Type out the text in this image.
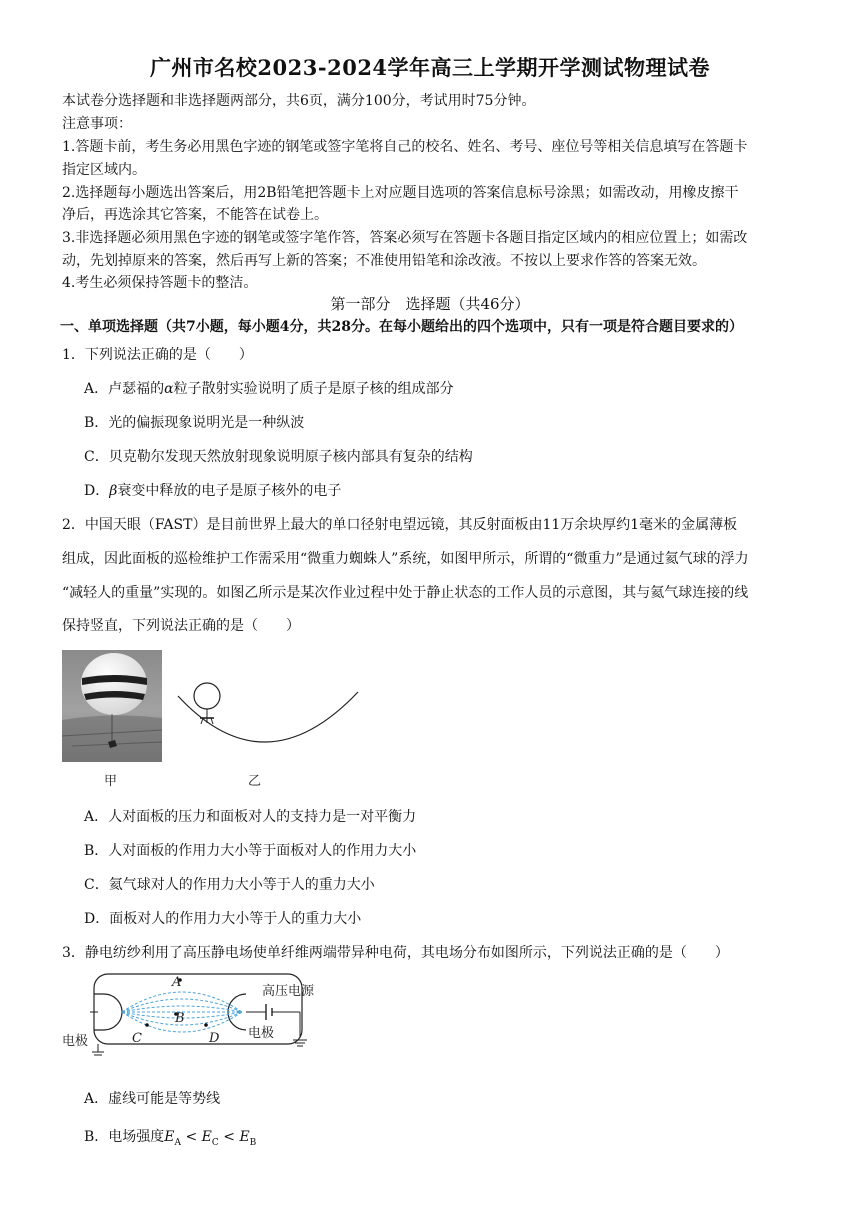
广州市名校2023-2024学年高三上学期开学测试物理试卷
本试卷分选择题和非选择题两部分，共6页，满分100分，考试用时75分钟。
注意事项：
1.答题卡前，考生务必用黑色字迹的钢笔或签字笔将自己的校名、姓名、考号、座位号等相关信息填写在答题卡
指定区域内。
2.选择题每小题选出答案后，用2B铅笔把答题卡上对应题目选项的答案信息标号涂黑；如需改动，用橡皮擦干
净后，再选涂其它答案，不能答在试卷上。
3.非选择题必须用黑色字迹的钢笔或签字笔作答，答案必须写在答题卡各题目指定区域内的相应位置上；如需改
动，先划掉原来的答案，然后再写上新的答案；不准使用铅笔和涂改液。不按以上要求作答的答案无效。
4.考生必须保持答题卡的整洁。
第一部分　选择题（共46分）
一、单项选择题（共7小题，每小题4分，共28分。在每小题给出的四个选项中，只有一项是符合题目要求的）
1．下列说法正确的是（　　）
A．卢瑟福的α粒子散射实验说明了质子是原子核的组成部分
B．光的偏振现象说明光是一种纵波
C．贝克勒尔发现天然放射现象说明原子核内部具有复杂的结构
D．β衰变中释放的电子是原子核外的电子
2．中国天眼（FAST）是目前世界上最大的单口径射电望远镜，其反射面板由11万余块厚约1毫米的金属薄板
组成，因此面板的巡检维护工作需采用“微重力蜘蛛人”系统，如图甲所示，所谓的“微重力”是通过氦气球的浮力
“减轻人的重量”实现的。如图乙所示是某次作业过程中处于静止状态的工作人员的示意图，其与氦气球连接的线
保持竖直，下列说法正确的是（　　）
甲	乙
A．人对面板的压力和面板对人的支持力是一对平衡力
B．人对面板的作用力大小等于面板对人的作用力大小
C．氦气球对人的作用力大小等于人的重力大小
D．面板对人的作用力大小等于人的重力大小
3．静电纺纱利用了高压静电场使单纤维两端带异种电荷，其电场分布如图所示，下列说法正确的是（　　）
高压电源
电极
电极
A
B
C	D
A．虚线可能是等势线
B．电场强度$E_A < E_C < E_B$
